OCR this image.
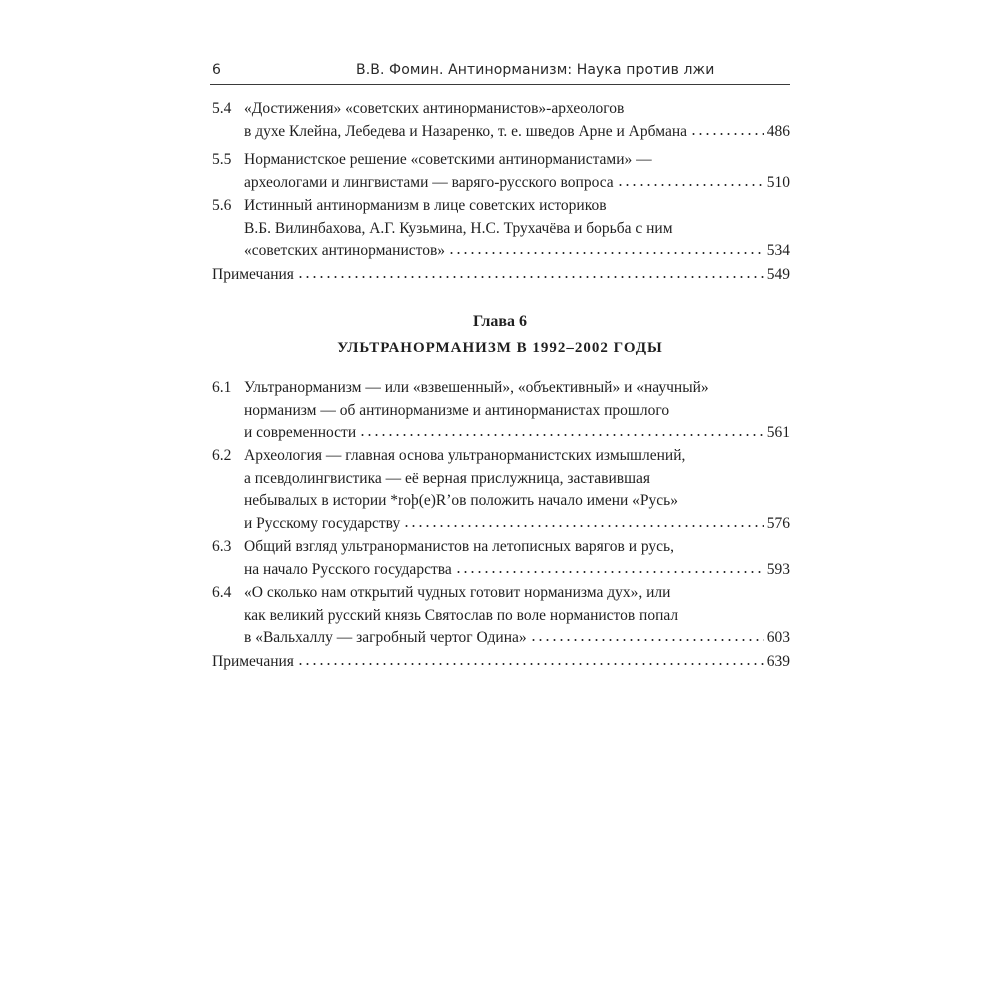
6	В.В. Фомин. Антинорманизм: Наука против лжи
5.4 «Достижения» «советских антинорманистов»-археологов
в духе Клейна, Лебедева и Назаренко, т. е. шведов Арне и Арбмана	486
5.5 Норманистское решение «советскими антинорманистами» —
археологами и лингвистами — варяго-русского вопроса	510
5.6 Истинный антинорманизм в лице советских историков
В.Б. Вилинбахова, А.Г. Кузьмина, Н.С. Трухачёва и борьба с ним
«советских антинорманистов»	534
Примечания	549
Глава 6
УЛЬТРАНОРМАНИЗМ В 1992–2002 ГОДЫ
6.1 Ультранорманизм — или «взвешенный», «объективный» и «научный»
норманизм — об антинорманизме и антинорманистах прошлого
и современности	561
6.2 Археология — главная основа ультранорманистских измышлений,
а псевдолингвистика — её верная прислужница, заставившая
небывалых в истории *roþ(e)R’ов положить начало имени «Русь»
и Русскому государству	576
6.3 Общий взгляд ультранорманистов на летописных варягов и русь,
на начало Русского государства	593
6.4 «О сколько нам открытий чудных готовит норманизма дух», или
как великий русский князь Святослав по воле норманистов попал
в «Вальхаллу — загробный чертог Одина»	603
Примечания	639
